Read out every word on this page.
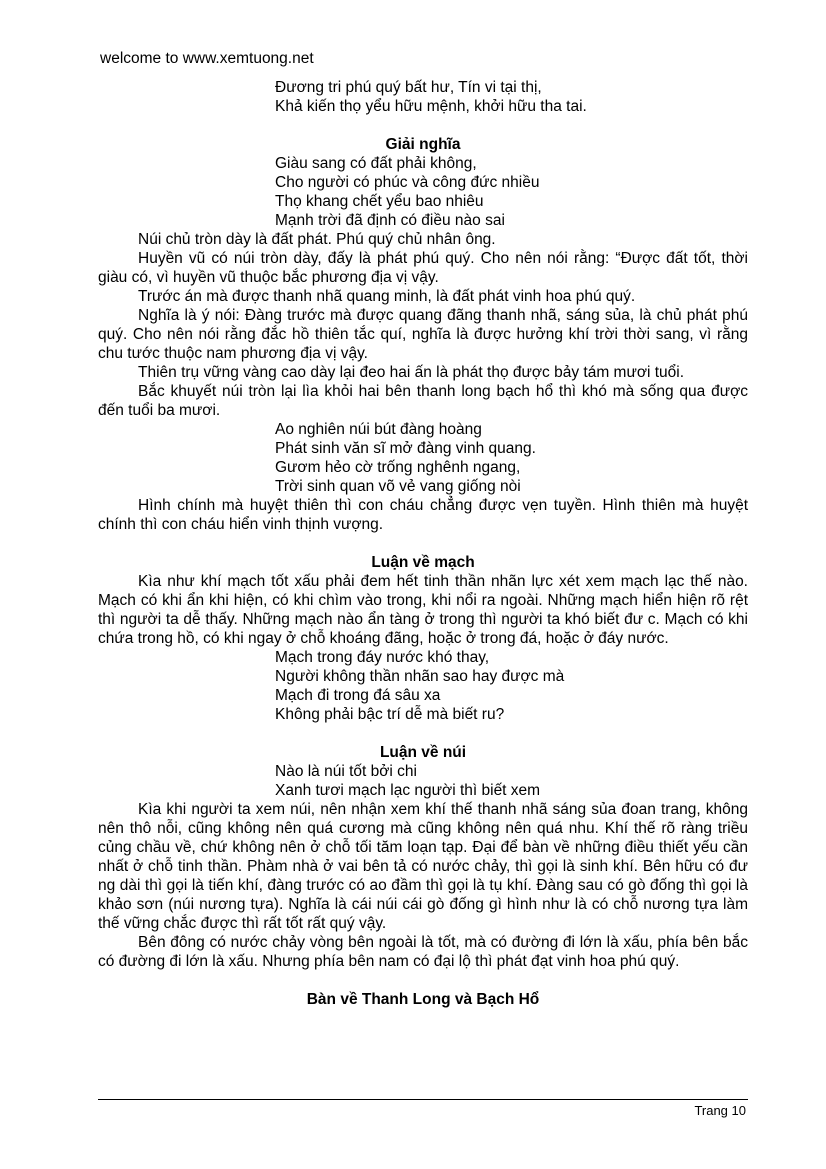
welcome to www.xemtuong.net

Đương tri phú quý bất hư, Tín vi tại thị,

Khả kiến thọ yểu hữu mệnh, khởi hữu tha tai.

Giải nghĩa

Giàu sang có đất phải không,

Cho người có phúc và công đức nhiều

Thọ khang chết yểu bao nhiêu

Mạnh trời đã định có điều nào sai

Núi chủ tròn dày là đất phát. Phú quý chủ nhân ông.

Huyền vũ có núi tròn dày, đấy là phát phú quý. Cho nên nói rằng: “Được đất tốt, thời giàu có, vì huyền vũ thuộc bắc phương địa vị vậy.

Trước án mà được thanh nhã quang minh, là đất phát vinh hoa phú quý.

Nghĩa là ý nói: Đàng trước mà được quang đãng thanh nhã, sáng sủa, là chủ phát phú quý. Cho nên nói rằng đắc hồ thiên tắc quí, nghĩa là được hưởng khí trời thời sang, vì rằng chu tước thuộc nam phương địa vị vậy.

Thiên trụ vững vàng cao dày lại đeo hai ấn là phát thọ được bảy tám mươi tuổi.

Bắc khuyết núi tròn lại lìa khỏi hai bên thanh long bạch hổ thì khó mà sống qua được đến tuổi ba mươi.

Ao nghiên núi bút đàng hoàng

Phát sinh văn sĩ mở đàng vinh quang.

Gươm hẻo cờ trống nghênh ngang,

Trời sinh quan võ vẻ vang giống nòi

Hình chính mà huyệt thiên thì con cháu chẳng được vẹn tuyền. Hình thiên mà huyệt chính thì con cháu hiển vinh thịnh vượng.

Luận về mạch

Kìa như khí mạch tốt xấu phải đem hết tinh thần nhãn lực xét xem mạch lạc thế nào. Mạch có khi ẩn khi hiện, có khi chìm vào trong, khi nổi ra ngoài. Những mạch hiển hiện rõ rệt thì người ta dễ thấy. Những mạch nào ẩn tàng ở trong thì người ta khó biết đư c. Mạch có khi chứa trong hồ, có khi ngay ở chỗ khoáng đãng, hoặc ở trong đá, hoặc ở đáy nước.

Mạch trong đáy nước khó thay,

Người không thần nhãn sao hay được mà

Mạch đi trong đá sâu xa

Không phải bậc trí dễ mà biết ru?

Luận về núi

Nào là núi tốt bởi chi

Xanh tươi mạch lạc người thì biết xem

Kìa khi người ta xem núi, nên nhận xem khí thế thanh nhã sáng sủa đoan trang, không nên thô nỗi, cũng không nên quá cương mà cũng không nên quá nhu. Khí thế rõ ràng triều củng chầu về, chứ không nên ở chỗ tối tăm loạn tạp. Đại để bàn về những điều thiết yếu cần nhất ở chỗ tinh thần. Phàm nhà ở vai bên tả có nước chảy, thì gọi là sinh khí. Bên hữu có đư ng dài thì gọi là tiến khí, đàng trước có ao đầm thì gọi là tụ khí. Đàng sau có gò đống thì gọi là khảo sơn (núi nương tựa). Nghĩa là cái núi cái gò đống gì hình như là có chỗ nương tựa làm thế vững chắc được thì rất tốt rất quý vậy.

Bên đông có nước chảy vòng bên ngoài là tốt, mà có đường đi lớn là xấu, phía bên bắc có đường đi lớn là xấu. Nhưng phía bên nam có đại lộ thì phát đạt vinh hoa phú quý.

Bàn về Thanh Long và Bạch Hổ

Trang 10
